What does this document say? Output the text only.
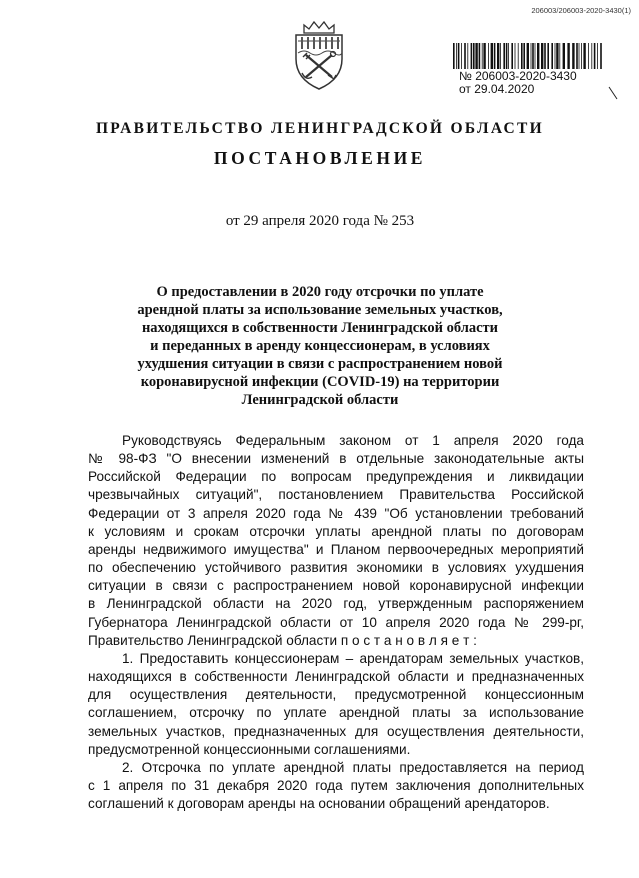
206003/206003-2020-3430(1)
№ 206003-2020-3430
от 29.04.2020
ПРАВИТЕЛЬСТВО ЛЕНИНГРАДСКОЙ ОБЛАСТИ
ПОСТАНОВЛЕНИЕ
от 29 апреля 2020 года № 253
О предоставлении в 2020 году отсрочки по уплате
арендной платы за использование земельных участков,
находящихся в собственности Ленинградской области
и переданных в аренду концессионерам, в условиях
ухудшения ситуации в связи с распространением новой
коронавирусной инфекции (COVID-19) на территории
Ленинградской области
Руководствуясь Федеральным законом от 1 апреля 2020 года
№ 98-ФЗ "О внесении изменений в отдельные законодательные акты
Российской Федерации по вопросам предупреждения и ликвидации
чрезвычайных ситуаций", постановлением Правительства Российской
Федерации от 3 апреля 2020 года № 439 "Об установлении требований
к условиям и срокам отсрочки уплаты арендной платы по договорам
аренды недвижимого имущества" и Планом первоочередных мероприятий
по обеспечению устойчивого развития экономики в условиях ухудшения
ситуации в связи с распространением новой коронавирусной инфекции
в Ленинградской области на 2020 год, утвержденным распоряжением
Губернатора Ленинградской области от 10 апреля 2020 года № 299-рг,
Правительство Ленинградской области п о с т а н о в л я е т :
1. Предоставить концессионерам – арендаторам земельных участков,
находящихся в собственности Ленинградской области и предназначенных
для осуществления деятельности, предусмотренной концессионным
соглашением, отсрочку по уплате арендной платы за использование
земельных участков, предназначенных для осуществления деятельности,
предусмотренной концессионными соглашениями.
2. Отсрочка по уплате арендной платы предоставляется на период
с 1 апреля по 31 декабря 2020 года путем заключения дополнительных
соглашений к договорам аренды на основании обращений арендаторов.
